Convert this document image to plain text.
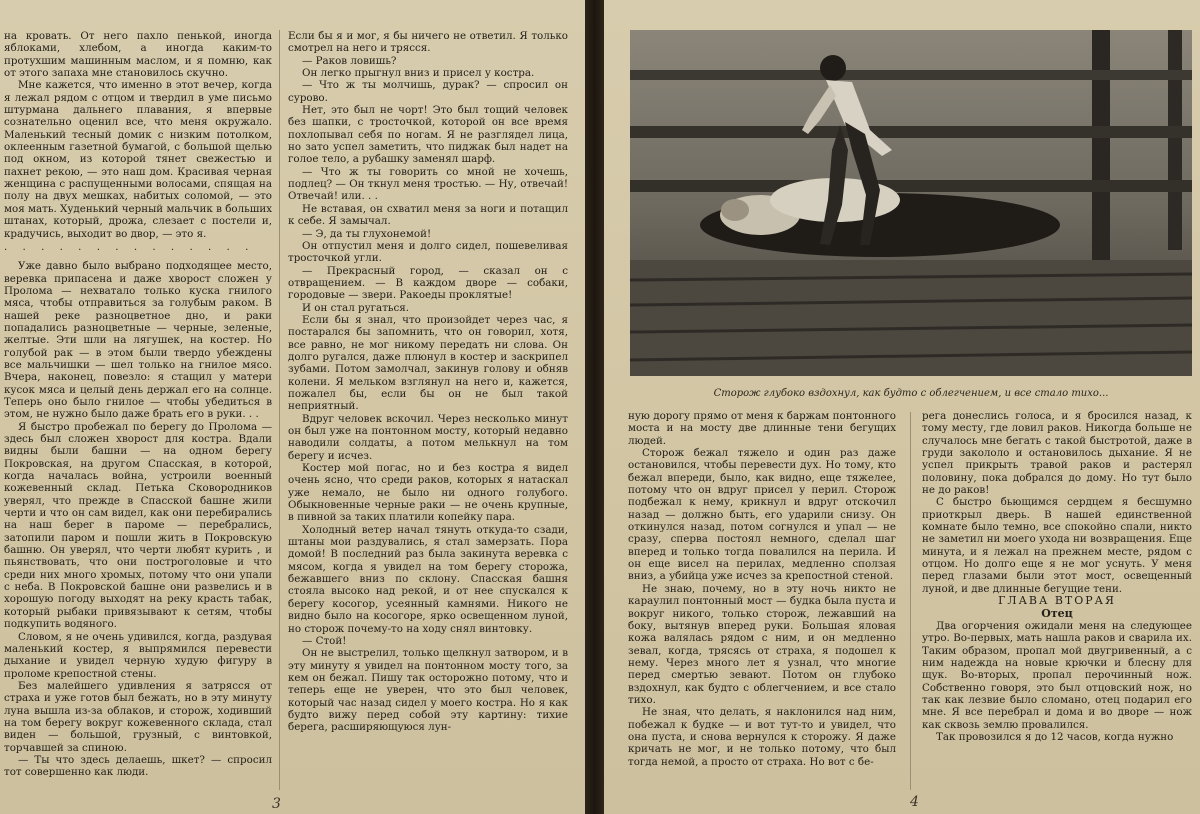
на кровать. От него пахло пенькой, иногда яблоками, хлебом, а иногда каким-то протухшим машинным маслом, и я помню, как от этого запаха мне становилось скучно.

Мне кажется, что именно в этот вечер, когда я лежал рядом с отцом и твердил в уме письмо штурмана дальнего плавания, я впервые сознательно оценил все, что меня окружало. Маленький тесный домик с низким потолком, оклеенным газетной бумагой, с большой щелью под окном, из которой тянет свежестью и пахнет рекою, — это наш дом. Красивая черная женщина с распущенными волосами, спящая на полу на двух мешках, набитых соломой, — это моя мать. Худенький черный мальчик в больших штанах, который, дрожа, слезает с постели и, крадучись, выходит во двор, — это я.

. . . . . . . . . . . . . .

Уже давно было выбрано подходящее место, веревка припасена и даже хворост сложен у Пролома — нехватало только куска гнилого мяса, чтобы отправиться за голубым раком. В нашей реке разноцветное дно, и раки попадались разноцветные — черные, зеленые, желтые. Эти шли на лягушек, на костер. Но голубой рак — в этом были твердо убеждены все мальчишки — шел только на гнилое мясо. Вчера, наконец, повезло: я стащил у матери кусок мяса и целый день держал его на солнце. Теперь оно было гнилое — чтобы убедиться в этом, не нужно было даже брать его в руки. . .

Я быстро пробежал по берегу до Пролома — здесь был сложен хворост для костра. Вдали видны были башни — на одном берегу Покровская, на другом Спасская, в которой, когда началась война, устроили военный кожевенный склад. Петька Сковородников уверял, что прежде в Спасской башне жили черти и что он сам видел, как они перебирались на наш берег в пароме — перебрались, затопили паром и пошли жить в Покровскую башню. Он уверял, что черти любят курить , и пьянствовать, что они построголовые и что среди них много хромых, потому что они упали с неба. В Покровской башне они развелись и в хорошую погоду выходят на реку красть табак, который рыбаки привязывают к сетям, чтобы подкупить водяного.

Словом, я не очень удивился, когда, раздувая маленький костер, я выпрямился перевести дыхание и увидел черную худую фигуру в проломе крепостной стены.

Без малейшего удивления я затрясся от страха и уже готов был бежать, но в эту минуту луна вышла из-за облаков, и сторож, ходивший на том берегу вокруг кожевенного склада, стал виден — большой, грузный, с винтовкой, торчавшей за спиною.

— Ты что здесь делаешь, шкет? — спросил тот совершенно как люди.

Если бы я и мог, я бы ничего не ответил. Я только смотрел на него и трясся.

— Раков ловишь?

Он легко прыгнул вниз и присел у костра.

— Что ж ты молчишь, дурак? — спросил он сурово.

Нет, это был не чорт! Это был тощий человек без шапки, с тросточкой, которой он все время похлопывал себя по ногам. Я не разглядел лица, но зато успел заметить, что пиджак был надет на голое тело, а рубашку заменял шарф.

— Что ж ты говорить со мной не хочешь, подлец? — Он ткнул меня тростью. — Ну, отвечай! Отвечай! или. . .

Не вставая, он схватил меня за ноги и потащил к себе. Я замычал.

— Э, да ты глухонемой!

Он отпустил меня и долго сидел, пошевеливая тросточкой угли.

— Прекрасный город, — сказал он с отвращением. — В каждом дворе — собаки, городовые — звери. Ракоеды проклятые!

И он стал ругаться.

Если бы я знал, что произойдет через час, я постарался бы запомнить, что он говорил, хотя, все равно, не мог никому передать ни слова. Он долго ругался, даже плюнул в костер и заскрипел зубами. Потом замолчал, закинув голову и обняв колени. Я мельком взглянул на него и, кажется, пожалел бы, если бы он не был такой неприятный.

Вдруг человек вскочил. Через несколько минут он был уже на понтонном мосту, который недавно наводили солдаты, а потом мелькнул на том берегу и исчез.

Костер мой погас, но и без костра я видел очень ясно, что среди раков, которых я натаскал уже немало, не было ни одного голубого. Обыкновенные черные раки — не очень крупные, в пивной за таких платили копейку пара.

Холодный ветер начал тянуть откуда-то сзади, штаны мои раздувались, я стал замерзать. Пора домой! В последний раз была закинута веревка с мясом, когда я увидел на том берегу сторожа, бежавшего вниз по склону. Спасская башня стояла высоко над рекой, и от нее спускался к берегу косогор, усеянный камнями. Никого не видно было на косогоре, ярко освещенном луной, но сторож почему-то на ходу снял винтовку.

— Стой!

Он не выстрелил, только щелкнул затвором, и в эту минуту я увидел на понтонном мосту того, за кем он бежал. Пишу так осторожно потому, что и теперь еще не уверен, что это был человек, который час назад сидел у моего костра. Но я как будто вижу перед собой эту картину: тихие берега, расширяющуюся лун-

3
Сторож глубоко вздохнул, как будто с облегчением, и все стало тихо...

ную дорогу прямо от меня к баржам понтонного моста и на мосту две длинные тени бегущих людей.

Сторож бежал тяжело и один раз даже остановился, чтобы перевести дух. Но тому, кто бежал впереди, было, как видно, еще тяжелее, потому что он вдруг присел у перил. Сторож подбежал к нему, крикнул и вдруг отскочил назад — должно быть, его ударили снизу. Он откинулся назад, потом согнулся и упал — не сразу, сперва постоял немного, сделал шаг вперед и только тогда повалился на перила. И он еще висел на перилах, медленно сползая вниз, а убийца уже исчез за крепостной стеной.

Не знаю, почему, но в эту ночь никто не караулил понтонный мост — будка была пуста и вокруг никого, только сторож, лежавший на боку, вытянув вперед руки. Большая яловая кожа валялась рядом с ним, и он медленно зевал, когда, трясясь от страха, я подошел к нему. Через много лет я узнал, что многие перед смертью зевают. Потом он глубоко вздохнул, как будто с облегчением, и все стало тихо.

Не зная, что делать, я наклонился над ним, побежал к будке — и вот тут-то и увидел, что она пуста, и снова вернулся к сторожу. Я даже кричать не мог, и не только потому, что был тогда немой, а просто от страха. Но вот с бе-

рега донеслись голоса, и я бросился назад, к тому месту, где ловил раков. Никогда больше не случалось мне бегать с такой быстротой, даже в груди закололо и остановилось дыхание. Я не успел прикрыть травой раков и растерял половину, пока добрался до дому. Но тут было не до раков!

С быстро бьющимся сердцем я бесшумно приоткрыл дверь. В нашей единственной комнате было темно, все спокойно спали, никто не заметил ни моего ухода ни возвращения. Еще минута, и я лежал на прежнем месте, рядом с отцом. Но долго еще я не мог уснуть. У меня перед глазами были этот мост, освещенный луной, и две длинные бегущие тени.

ГЛАВА ВТОРАЯ

Отец

Два огорчения ожидали меня на следующее утро. Во-первых, мать нашла раков и сварила их. Таким образом, пропал мой двугривенный, а с ним надежда на новые крючки и блесну для щук. Во-вторых, пропал перочинный нож. Собственно говоря, это был отцовский нож, но так как лезвие было сломано, отец подарил его мне. Я все перебрал и дома и во дворе — нож как сквозь землю провалился.

Так провозился я до 12 часов, когда нужно

4
